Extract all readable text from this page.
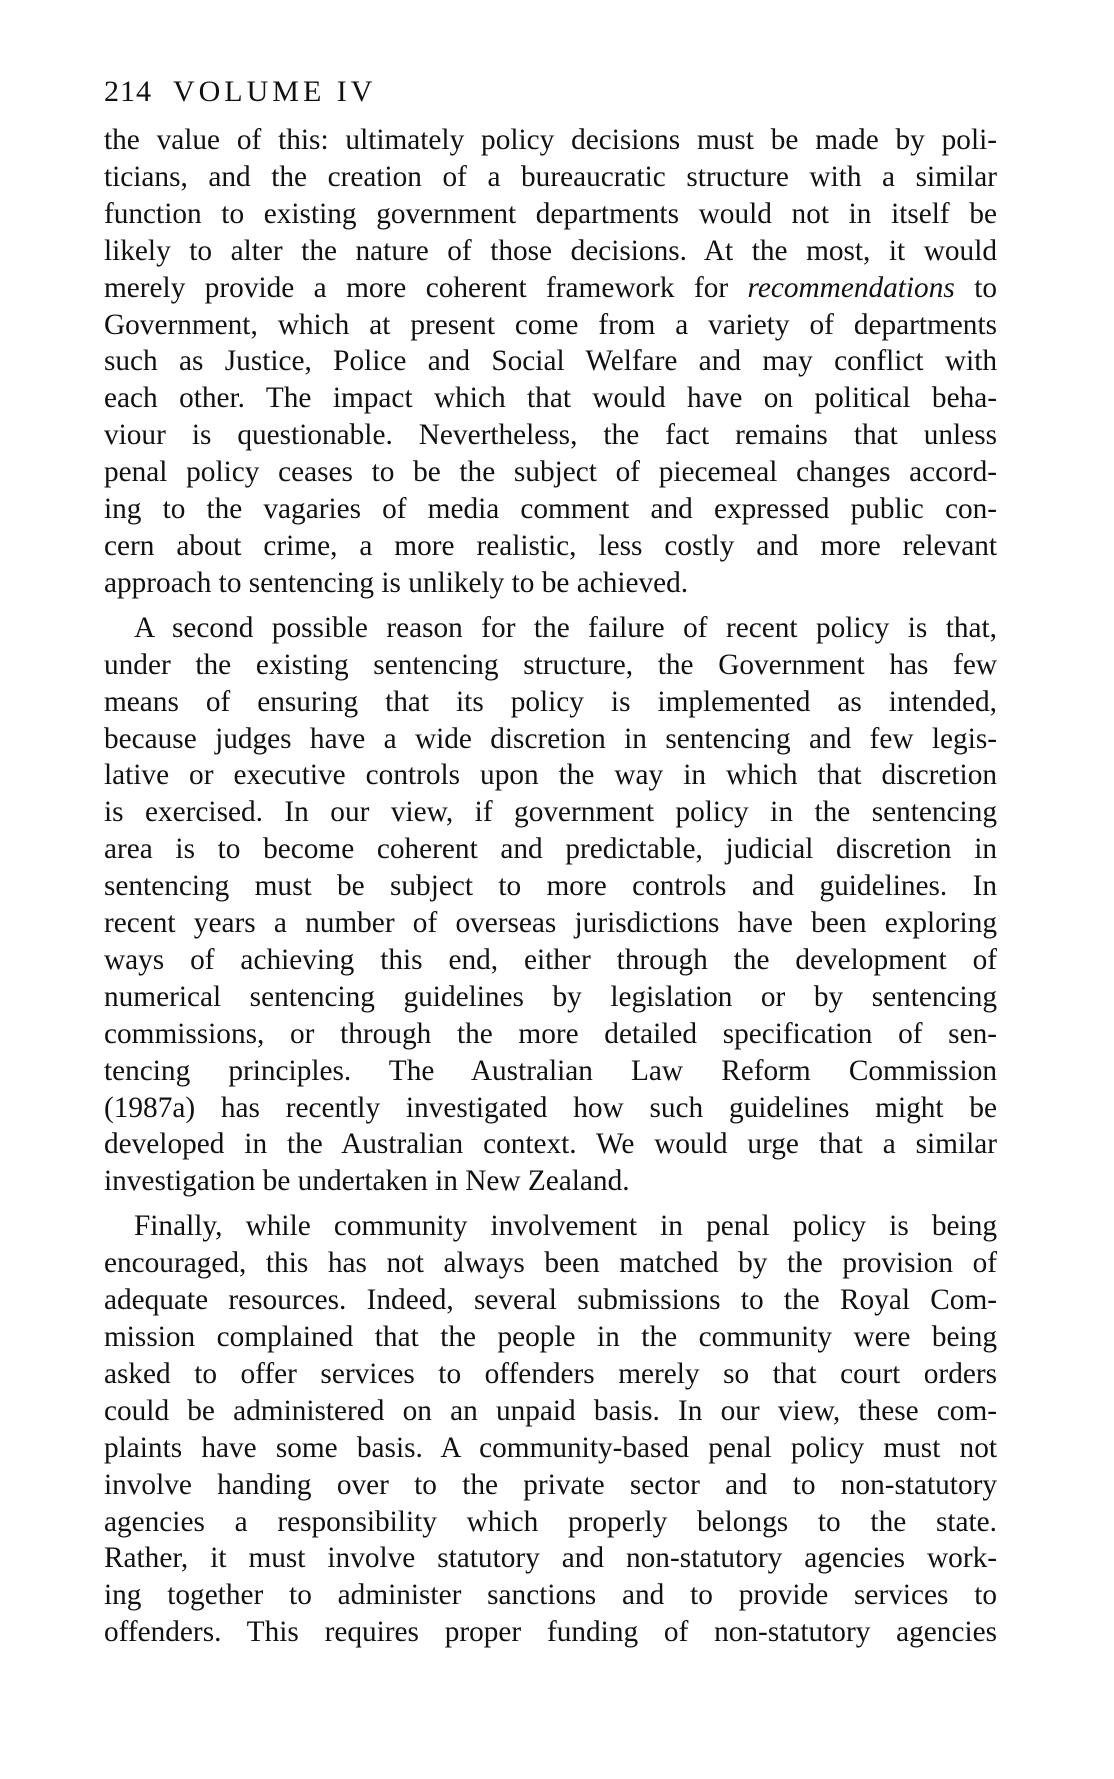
214 VOLUME IV
the value of this: ultimately policy decisions must be made by poli-
ticians, and the creation of a bureaucratic structure with a similar
function to existing government departments would not in itself be
likely to alter the nature of those decisions. At the most, it would
merely provide a more coherent framework for recommendations to
Government, which at present come from a variety of departments
such as Justice, Police and Social Welfare and may conflict with
each other. The impact which that would have on political beha-
viour is questionable. Nevertheless, the fact remains that unless
penal policy ceases to be the subject of piecemeal changes accord-
ing to the vagaries of media comment and expressed public con-
cern about crime, a more realistic, less costly and more relevant
approach to sentencing is unlikely to be achieved.
A second possible reason for the failure of recent policy is that,
under the existing sentencing structure, the Government has few
means of ensuring that its policy is implemented as intended,
because judges have a wide discretion in sentencing and few legis-
lative or executive controls upon the way in which that discretion
is exercised. In our view, if government policy in the sentencing
area is to become coherent and predictable, judicial discretion in
sentencing must be subject to more controls and guidelines. In
recent years a number of overseas jurisdictions have been exploring
ways of achieving this end, either through the development of
numerical sentencing guidelines by legislation or by sentencing
commissions, or through the more detailed specification of sen-
tencing principles. The Australian Law Reform Commission
(1987a) has recently investigated how such guidelines might be
developed in the Australian context. We would urge that a similar
investigation be undertaken in New Zealand.
Finally, while community involvement in penal policy is being
encouraged, this has not always been matched by the provision of
adequate resources. Indeed, several submissions to the Royal Com-
mission complained that the people in the community were being
asked to offer services to offenders merely so that court orders
could be administered on an unpaid basis. In our view, these com-
plaints have some basis. A community-based penal policy must not
involve handing over to the private sector and to non-statutory
agencies a responsibility which properly belongs to the state.
Rather, it must involve statutory and non-statutory agencies work-
ing together to administer sanctions and to provide services to
offenders. This requires proper funding of non-statutory agencies
